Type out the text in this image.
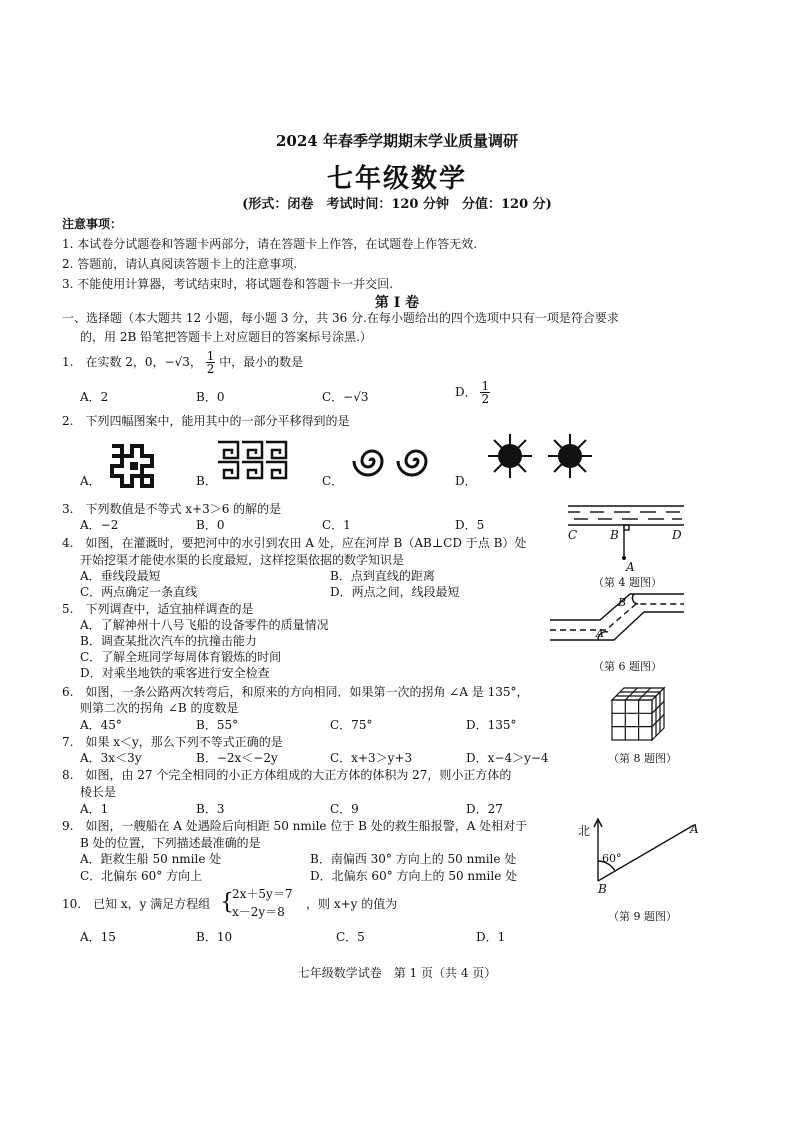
2024 年春季学期期末学业质量调研
七年级数学
(形式：闭卷　考试时间：120 分钟　分值：120 分)
注意事项：
1. 本试卷分试题卷和答题卡两部分，请在答题卡上作答，在试题卷上作答无效.
2. 答题前，请认真阅读答题卡上的注意事项.
3. 不能使用计算器，考试结束时，将试题卷和答题卡一并交回.
第 I 卷
一、选择题（本大题共 12 小题，每小题 3 分，共 36 分.在每小题给出的四个选项中只有一项是符合要求
的，用 2B 铅笔把答题卡上对应题目的答案标号涂黑.）
1.　在实数 2，0，−√3， $\frac{1}{2}$ 中，最小的数是
A．2	B．0	C．−√3	D． $\frac{1}{2}$
2.　下列四幅图案中，能用其中的一部分平移得到的是
A．	B．	C．	D．
3.　下列数值是不等式 x+3＞6 的解的是
A．−2	B．0	C．1	D．5
C	B	D
A
（第 4 题图）
4.　如图，在灌溉时，要把河中的水引到农田 A 处，应在河岸 B（AB⊥CD 于点 B）处
开始挖渠才能使水渠的长度最短，这样挖渠依据的数学知识是
A．垂线段最短	B．点到直线的距离
C．两点确定一条直线	D．两点之间，线段最短
5.　下列调查中，适宜抽样调查的是
A．了解神州十八号飞船的设备零件的质量情况
B．调查某批次汽车的抗撞击能力
C．了解全班同学每周体育锻炼的时间
D．对乘坐地铁的乘客进行安全检查
B
A
（第 6 题图）
6.　如图，一条公路两次转弯后，和原来的方向相同．如果第一次的拐角 ∠A 是 135°，
则第二次的拐角 ∠B 的度数是
A．45°	B．55°	C．75°	D．135°
（第 8 题图）
7.　如果 x＜y，那么下列不等式正确的是
A．3x＜3y	B．−2x＜−2y	C．x+3＞y+3	D．x−4＞y−4
8.　如图，由 27 个完全相同的小正方体组成的大正方体的体积为 27，则小正方体的
棱长是
A．1	B．3	C．9	D．27
北	A
60°
B
（第 9 题图）
9.　如图，一艘船在 A 处遇险后向相距 50 nmile 位于 B 处的救生船报警，A 处相对于
B 处的位置，下列描述最准确的是
A．距救生船 50 nmile 处	B．南偏西 30° 方向上的 50 nmile 处
C．北偏东 60° 方向上	D．北偏东 60° 方向上的 50 nmile 处
10.　已知 x，y 满足方程组 {
2x＋5y＝7
x－2y＝8
，则 x+y 的值为
A．15	B．10	C．5	D．1
七年级数学试卷　第 1 页（共 4 页）
